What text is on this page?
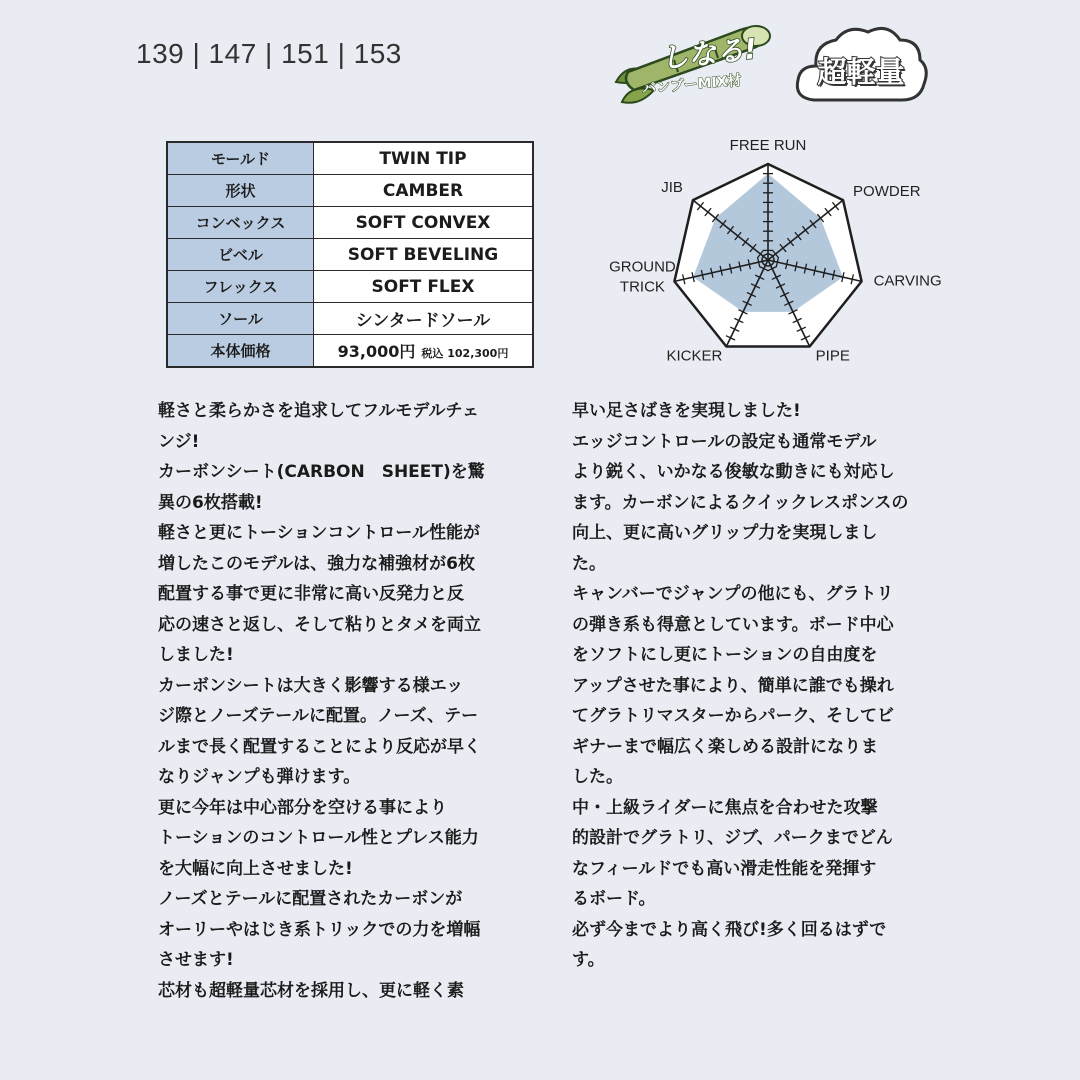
139 | 147 | 151 | 153	しなる!
バンブーMIX材	超軽量
モールド	TWIN TIP
形状	CAMBER
コンベックス	SOFT CONVEX
ビベル	SOFT BEVELING
フレックス	SOFT FLEX
ソール	シンタードソール
本体価格	93,000円 税込 102,300円
FREE RUN
POWDER
CARVING
PIPE
KICKER
GROUND TRICK
JIB

軽さと柔らかさを追求してフルモデルチェ

ンジ!

カーボンシート(CARBON　SHEET)を驚

異の6枚搭載!

軽さと更にトーションコントロール性能が

増したこのモデルは、強力な補強材が6枚

配置する事で更に非常に高い反発力と反

応の速さと返し、そして粘りとタメを両立

しました!

カーボンシートは大きく影響する様エッ

ジ際とノーズテールに配置。ノーズ、テー

ルまで長く配置することにより反応が早く

なりジャンプも弾けます。

更に今年は中心部分を空ける事により

トーションのコントロール性とプレス能力

を大幅に向上させました!

ノーズとテールに配置されたカーボンが

オーリーやはじき系トリックでの力を増幅

させます!

芯材も超軽量芯材を採用し、更に軽く素

早い足さばきを実現しました!

エッジコントロールの設定も通常モデル

より鋭く、いかなる俊敏な動きにも対応し

ます。カーボンによるクイックレスポンスの

向上、更に高いグリップ力を実現しまし

た。

キャンバーでジャンプの他にも、グラトリ

の弾き系も得意としています。ボード中心

をソフトにし更にトーションの自由度を

アップさせた事により、簡単に誰でも操れ

てグラトリマスターからパーク、そしてビ

ギナーまで幅広く楽しめる設計になりま

した。

中・上級ライダーに焦点を合わせた攻撃

的設計でグラトリ、ジブ、パークまでどん

なフィールドでも高い滑走性能を発揮す

るボード。

必ず今までより高く飛び!多く回るはずで

す。
